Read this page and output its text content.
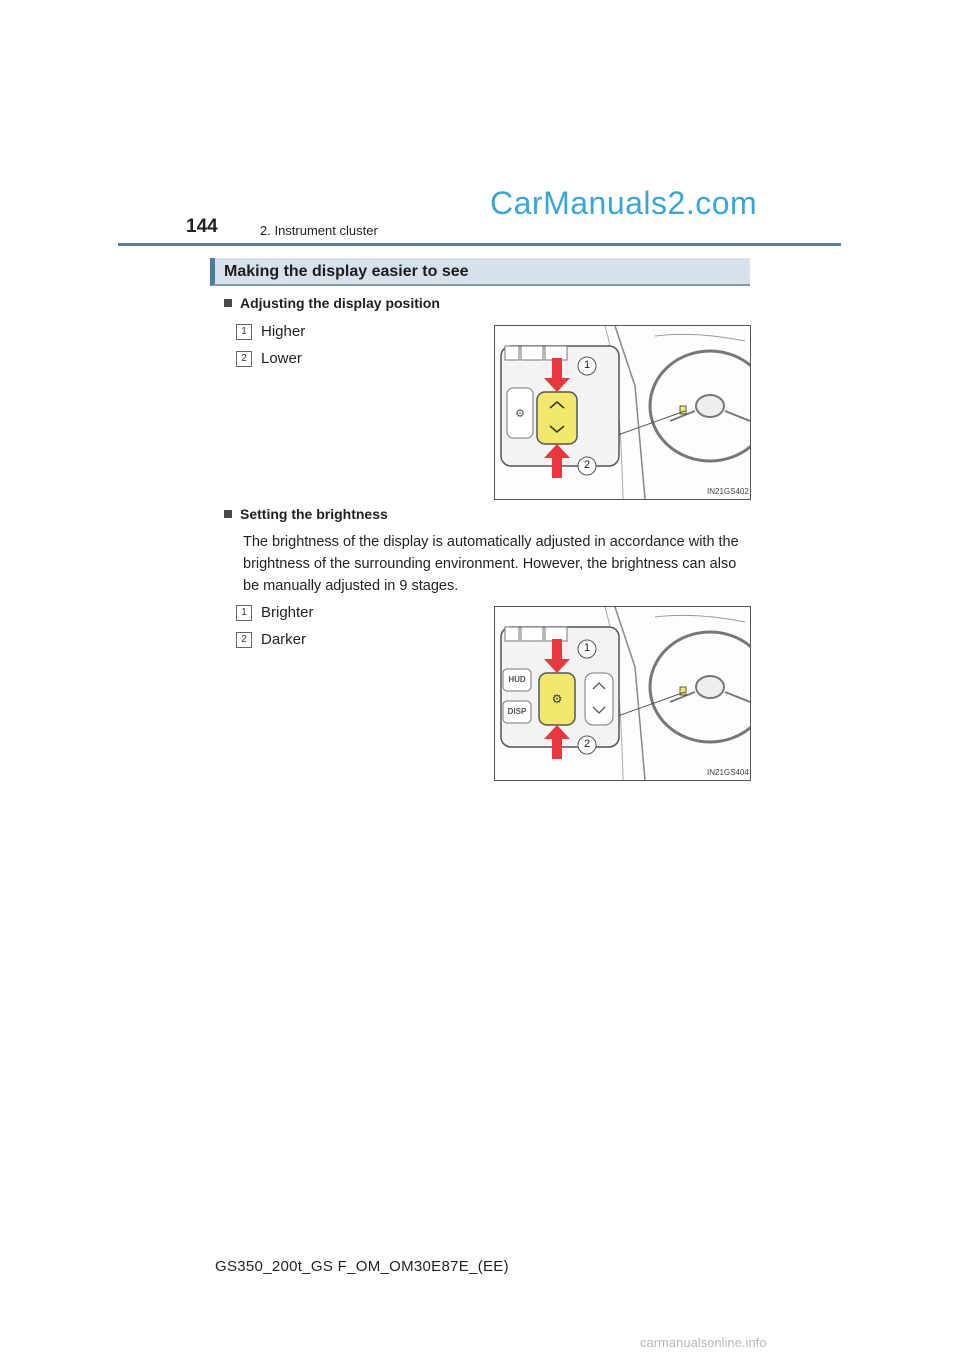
144	2. Instrument cluster
CarManuals2.com
Making the display easier to see
Adjusting the display position
1 Higher
2 Lower
⚙
1
2
IN21GS402
Setting the brightness
The brightness of the display is automatically adjusted in accordance with the brightness of the surrounding environment. However, the brightness can also be manually adjusted in 9 stages.
1 Brighter
2 Darker
⚙
1
2
HUD
DISP
IN21GS404
GS350_200t_GS F_OM_OM30E87E_(EE)
carmanualsonline.info
